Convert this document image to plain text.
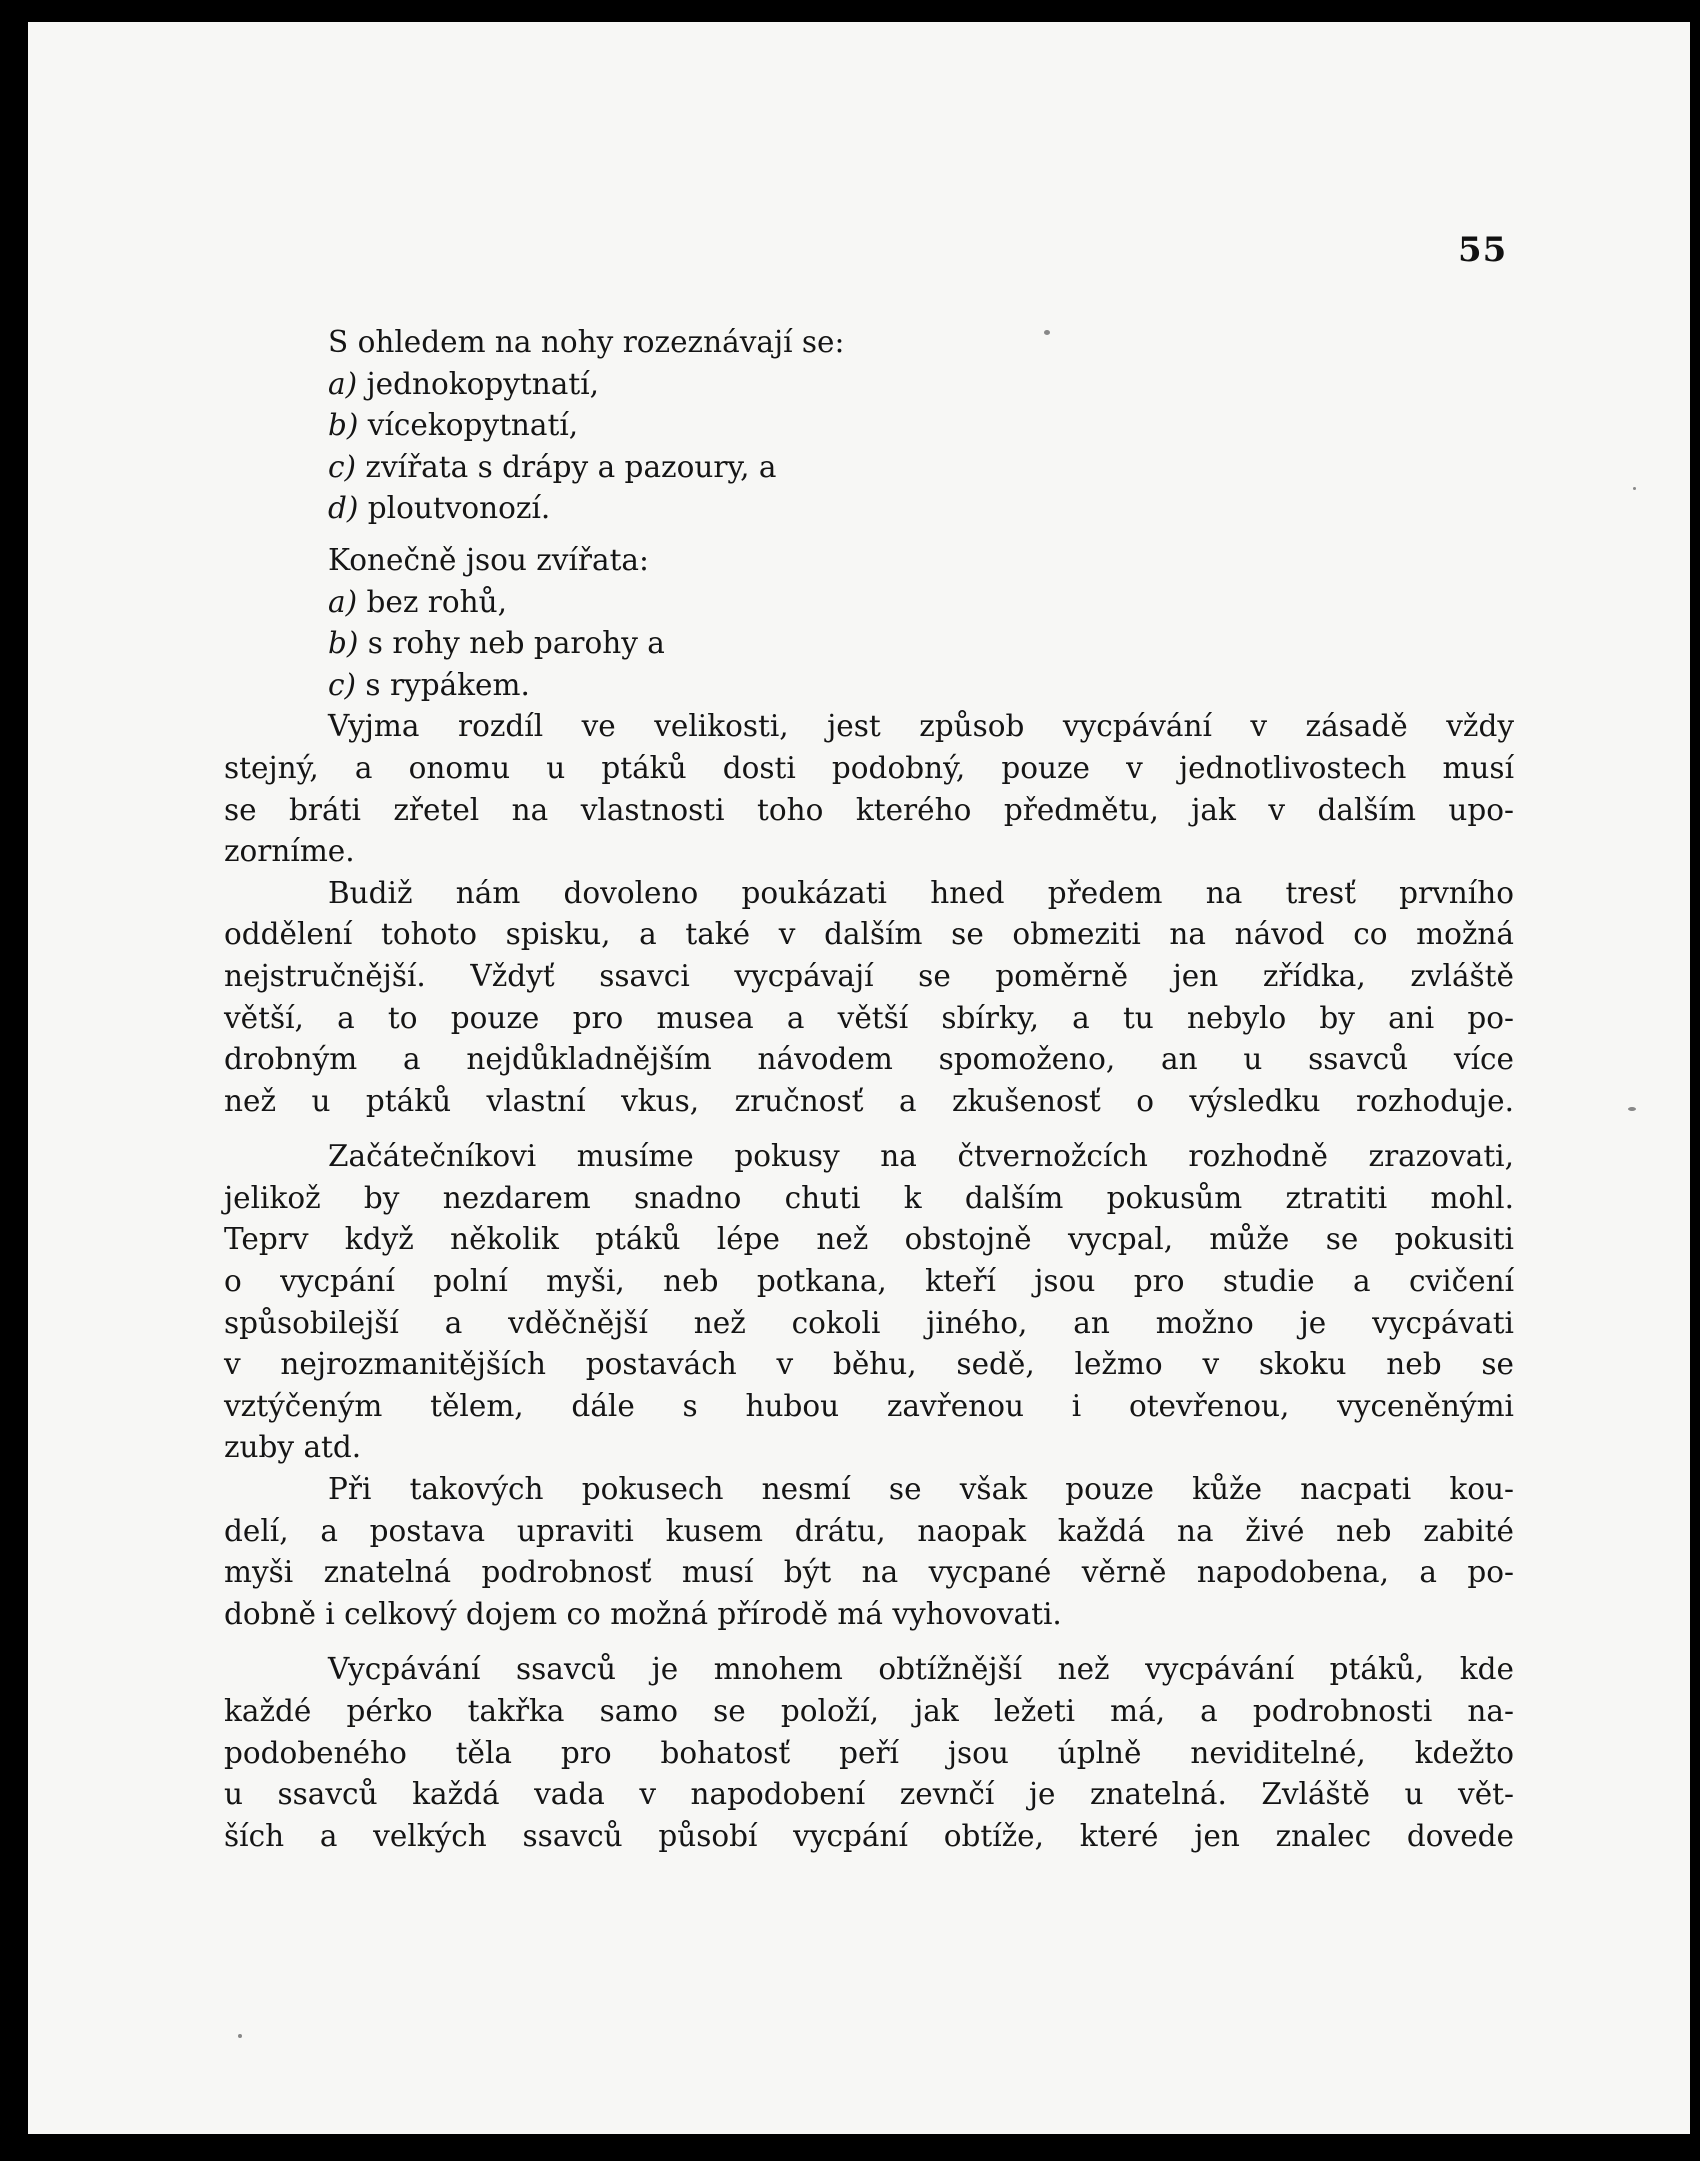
55
S ohledem na nohy rozeznávají se:
a) jednokopytnatí,
b) vícekopytnatí,
c) zvířata s drápy a pazoury, a
d) ploutvonozí.
Konečně jsou zvířata:
a) bez rohů,
b) s rohy neb parohy a
c) s rypákem.
Vyjma rozdíl ve velikosti, jest způsob vycpávání v zásadě vždy
stejný, a onomu u ptáků dosti podobný, pouze v jednotlivostech musí
se bráti zřetel na vlastnosti toho kterého předmětu, jak v dalším upo-
zorníme.
Budiž nám dovoleno poukázati hned předem na tresť prvního
oddělení tohoto spisku, a také v dalším se obmeziti na návod co možná
nejstručnější. Vždyť ssavci vycpávají se poměrně jen zřídka, zvláště
větší, a to pouze pro musea a větší sbírky, a tu nebylo by ani po-
drobným a nejdůkladnějším návodem spomoženo, an u ssavců více
než u ptáků vlastní vkus, zručnosť a zkušenosť o výsledku rozhoduje.
Začátečníkovi musíme pokusy na čtvernožcích rozhodně zrazovati,
jelikož by nezdarem snadno chuti k dalším pokusům ztratiti mohl.
Teprv když několik ptáků lépe než obstojně vycpal, může se pokusiti
o vycpání polní myši, neb potkana, kteří jsou pro studie a cvičení
spůsobilejší a vděčnější než cokoli jiného, an možno je vycpávati
v nejrozmanitějších postavách v běhu, sedě, ležmo v skoku neb se
vztýčeným tělem, dále s hubou zavřenou i otevřenou, vyceněnými
zuby atd.
Při takových pokusech nesmí se však pouze kůže nacpati kou-
delí, a postava upraviti kusem drátu, naopak každá na živé neb zabité
myši znatelná podrobnosť musí být na vycpané věrně napodobena, a po-
dobně i celkový dojem co možná přírodě má vyhovovati.
Vycpávání ssavců je mnohem obtížnější než vycpávání ptáků, kde
každé pérko takřka samo se položí, jak ležeti má, a podrobnosti na-
podobeného těla pro bohatosť peří jsou úplně neviditelné, kdežto
u ssavců každá vada v napodobení zevnčí je znatelná. Zvláště u vět-
ších a velkých ssavců působí vycpání obtíže, které jen znalec dovede
